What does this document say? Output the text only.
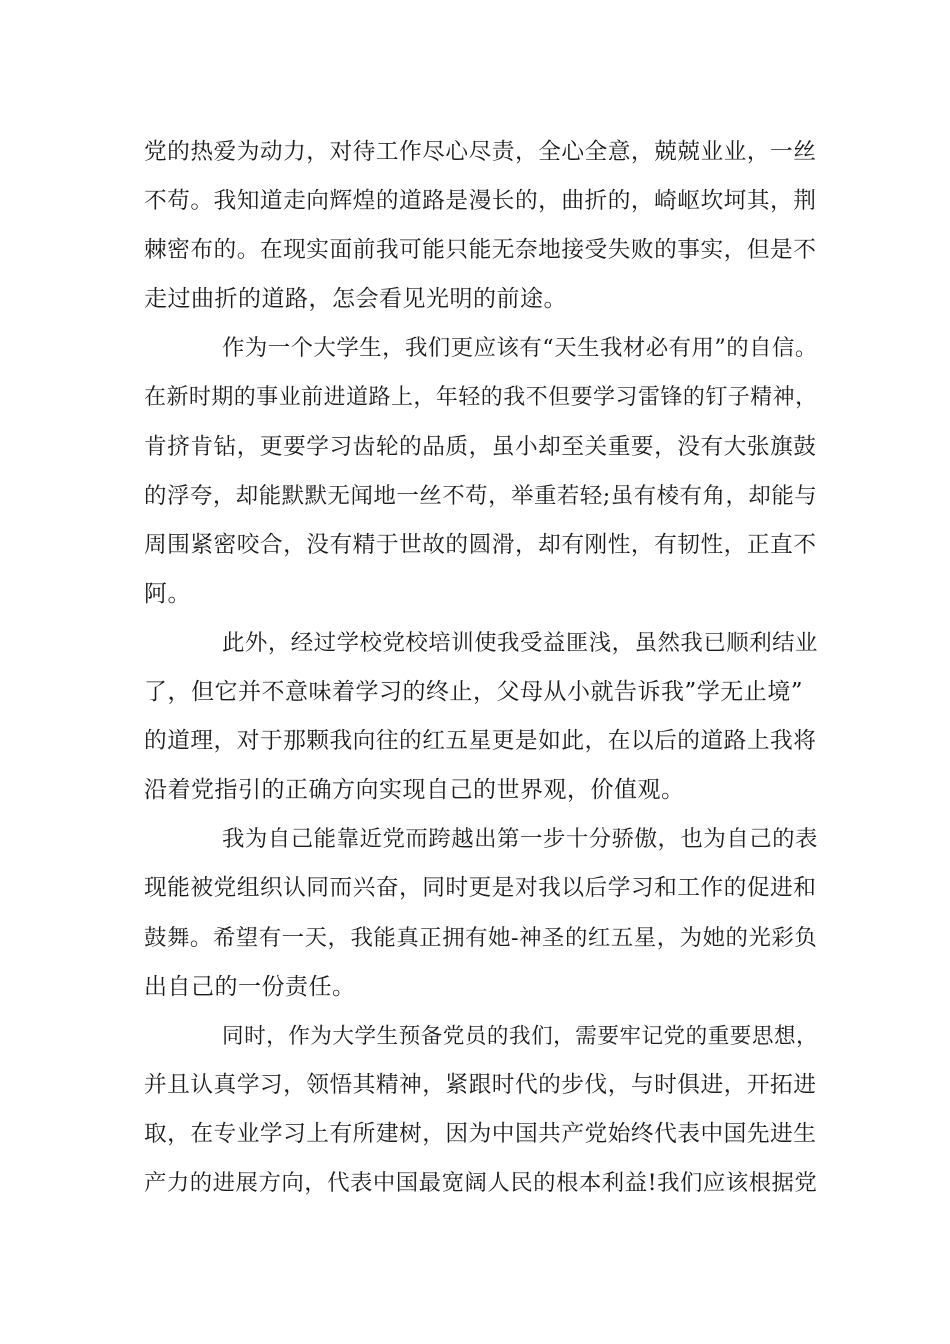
党的热爱为动力，对待工作尽心尽责，全心全意，兢兢业业，一丝
不苟。我知道走向辉煌的道路是漫长的，曲折的，崎岖坎坷其，荆
棘密布的。在现实面前我可能只能无奈地接受失败的事实，但是不
走过曲折的道路，怎会看见光明的前途。
作为一个大学生，我们更应该有“天生我材必有用”的自信。
在新时期的事业前进道路上，年轻的我不但要学习雷锋的钉子精神，
肯挤肯钻，更要学习齿轮的品质，虽小却至关重要，没有大张旗鼓
的浮夸，却能默默无闻地一丝不苟，举重若轻;虽有棱有角，却能与
周围紧密咬合，没有精于世故的圆滑，却有刚性，有韧性，正直不
阿。
此外，经过学校党校培训使我受益匪浅，虽然我已顺利结业
了，但它并不意味着学习的终止，父母从小就告诉我”学无止境”
的道理，对于那颗我向往的红五星更是如此，在以后的道路上我将
沿着党指引的正确方向实现自己的世界观，价值观。
我为自己能靠近党而跨越出第一步十分骄傲，也为自己的表
现能被党组织认同而兴奋，同时更是对我以后学习和工作的促进和
鼓舞。希望有一天，我能真正拥有她-神圣的红五星，为她的光彩负
出自己的一份责任。
同时，作为大学生预备党员的我们，需要牢记党的重要思想，
并且认真学习，领悟其精神，紧跟时代的步伐，与时俱进，开拓进
取，在专业学习上有所建树，因为中国共产党始终代表中国先进生
产力的进展方向，代表中国最宽阔人民的根本利益!我们应该根据党
